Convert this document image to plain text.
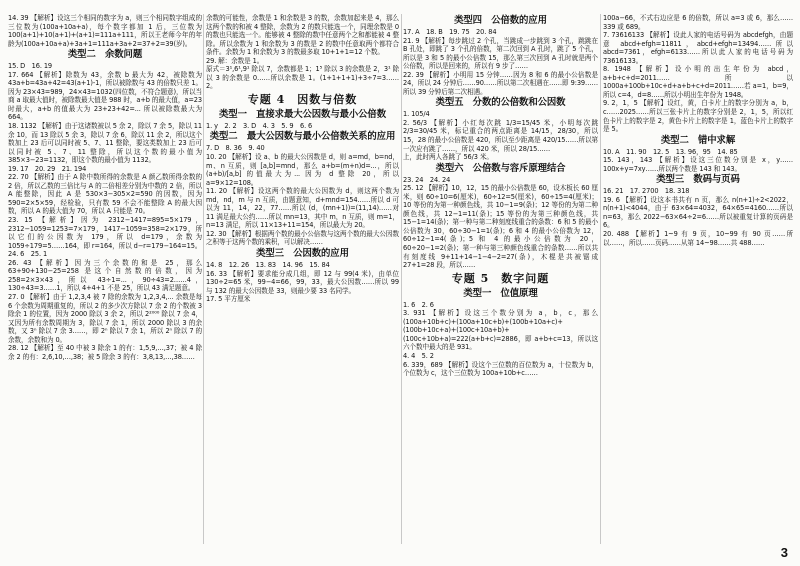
14. 39 【解析】设这三个相同的数字为 a，则三个相同数字组成的三位数为(100a+10a+a)，每个数字都加 1 后，三位数为 100(a+1)+10(a+1)+(a+1)=111a+111，所以王老师今年的年龄为(100a+10a+a)+3a+1=111a+3a+2=37+2=39(岁)。
类型二　余数问题
15. D　16. 19
17. 664 【解析】除数为 43，余数 b 最大为 42，被除数为 43a+b=43a+42=43(a+1)-1，所以被除数与 43 的倍数只差 1。因为 23×43=989，24×43=1032(四位数，不符合题意)，所以当商 a 取最大值时，被除数最大值是 988 时，a+b 的最大值，a=23 时最大，a+b 的值最大为 23+23+42=... 所以被除数最大为 664。
18. 1132 【解析】由于这诸数被以 5 余 2，除以 7 余 5，除以 11 余 10，而 13 除以 5 余 3，除以 7 余 6，除以 11 余 2，所以这个数加上 23 后可以同时被 5、7、11 整除，要这类数加上 23 后可以同时被 5、7、11 整除，所以这个数的最小值为 385×3−23=1132，即这个数的最小值为 1132。
19. 17　20. 29　21. 194
22. 70 【解析】由于 A 除中数所得的余数是 A 颜乙数所得余数的 2 倍，所以乙数的三倍比与 A 的二倍相差分别为中数的 2 倍，所以 A 能整除，因此 A 是 530×3−305×2=590 的因数，因为 590=2×5×59，经检验，只有数 59 不会不能整除 A 的最大因数，所以 A 的最大值为 70，所以 A 只能是 70。
23. 15 【解析】因为 2312−1417=895=5×179，2312−1059=1253=7×179，1417−1059=358=2×179，所以它们的公因数为 179，所以 d=179，余数为 1059÷179=5……164，即 r=164，所以 d−r=179−164=15。
24. 6　25. 1
26. 43 【解析】因为三个余数的和是 25，那么 63+90+130−25=258 是这个自然数的倍数，因为 258=2×3×43，所以 43÷1=...，90÷43=2……4，130÷43=3……1，所以 4+4+1 不是 25，所以 43 满足题意。
27. 0 【解析】由于 1,2,3,4 被 7 除的余数为 1,2,3,4,... 余数是每 6 个余数为周期重复的，所以 2 的多少次方除以 7 余 2 的个数被 3 除余 1 的位置，因为 2000 除以 3 余 2，所以 2²⁰⁰⁰ 除以 7 余 4，又因为所有余数周期为 3，除以 7 余 1，所以 2000 除以 3 的余数，又 3ⁿ 除以 7 余 3……，即 2ⁿ 除以 7 余 1，所以 2ⁿ 除以 7 的余数，余数和为 0。
28. 12 【解析】至 40 中被 3 除余 1 的有：1,5,9,…,37；被 4 除余 2 的有：2,6,10,…,38；被 5 除余 3 的有：3,8,13,…,38……
余数的可能性，余数是 1 和余数是 3 的数，余数加起来是 4，那么这两个数的和被 4 整除，余数为 2 的数只能选一个，同理余数是 0 的数也只能选一个。能够被 4 整除的数中任意两个之和都能被 4 整除。所以余数为 1 和余数为 3 的数是 2 的数中任意取两个都符合条件。余数为 1 和余数为 3 的数最多取 10+1+1=12 个数。
29. 解：余数是 1。
原式＝3¹,6¹,9¹ 除以 7，余数都是 1；1⁵ 除以 3 的余数是 2，3¹ 除以 3 的余数是 0……所以余数是 1。(1+1+1+1)+3÷7=3……2。
专题 4　因数与倍数
类型一　直接求最大公因数与最小公倍数
1. y　2. 2　3. D　4. 3　5. 9　6. 6
类型二　最大公因数与最小公倍数关系的应用
7. D　8. 36　9. 40
10. 20 【解析】设 a、b 的最大公因数是 d，则 a=md，b=nd，m、n 互质，则 [a,b]=mnd，那么 a+b=(m+n)d=...，所以 (a+b)/[a,b] 的值最大为... 因为 d 整除 20，所以 a=9×12=108。
11. 20 【解析】设这两个数的最大公因数为 d，则这两个数为 md，nd，m 与 n 互质，由题意知，d+mnd=154……所以 d 可以为 11，14，22，77……所以 (d，(mn+1))=(11,14)……对 11 满足最大公约……所以 mn=13，其中 m，n 互质，则 m=1，n=13 满足，所以 11×13+11=154，所以最大为 20。
12. 30 【解析】根据两个数的最小公倍数与这两个数的最大公因数之积等于这两个数的乘积，可以解决……
类型三　公因数的应用
14. 8　12. 26　13. 83　14. 96　15. 84
16. 33 【解析】要求能分成几组，即 12 与 99(4 米)，由单位 130÷2=65 米，99−4=66，99，33，最大公因数……所以 99 与 132 的最大公因数是 33，则最少要 33 名同学。
17. 5 平方厘米
类型四　公倍数的应用
17. A　18. B　19. 75　20. 84
21. 9 【解析】每步跳过 2 个孔，当跳成一步跳到 3 个孔，跳跳在 B 孔处，即跳了 3 个孔的倍数，第二次回到 A 孔时，跳了 5 个孔，所以是 3 和 5 的最小公倍数 15，那么第三次回到 A 孔时就是两个公倍数，所以是回来的，所以有 9 步了……
22. 39 【解析】小明用 15 分钟……因为 8 和 6 的最小公倍数是 24，所以 24 分钟后……90……所以第二次相遇在……即 9:39……所以 39 分钟后第二次相遇。
类型五　分数的公倍数和公因数
1. 105/4
2. 56/3 【解析】小红每次跳 1/3=15/45 米，小明每次跳 2/3=30/45 米，标记重合的两点距离是 14/15，28/30，所以 15，28 的最小公倍数是 420，所以至少距离是 420/15……所以第一次应有跳了……，所以 420 米，所以 28/15……
上，此时两人各跳了 56/3 米。
类型六　公倍数与容斥原理结合
23. 24　24. 24
25. 12 【解析】10，12，15 的最小公倍数是 60，设木板长 60 厘米，则 60÷10=6(厘米)，60÷12=5(厘米)，60÷15=4(厘米)；10 等份的为第一种颜色线，共 10−1=9(条)；12 等份的为第二种颜色线，共 12−1=11(条)；15 等份的为第三种颜色线，共 15−1=14(条)；第一种与第二种刻度线重合的条数：6 和 5 的最小公倍数为 30，60÷30−1=1(条)；6 和 4 的最小公倍数为 12，60÷12−1=4(条)；5 和 4 的最小公倍数为 20，60÷20−1=2(条)；第一种与第三种颜色线重合的条数……所以共有刻度线 9+11+14−1−4−2=27(条)，木棍是共被锯成 27+1=28 段，所以……
专题 5　数字问题
类型一　位值原理
1. 6　2. 6
3. 931 【解析】设这三个数分别为 a，b，c，那么 (100a+10b+c)+(100a+10c+b)+(100b+10a+c)+(100b+10c+a)+(100c+10a+b)+(100c+10b+a)=222(a+b+c)=2886，即 a+b+c=13，所以这六个数中最大的是 931。
4. 4　5. 2
6. 339，689 【解析】设这个三位数的百位数为 a，十位数为 b，个位数为 c，这个三位数为 100a+10b+c……
100a−66，不式右边应是 6 的倍数，所以 a=3 或 6，那么……339 或 689。
7. 73616133 【解析】设此人家的电话号码为 abcdefgh，由题意 abcd+efgh=11811，abcd+efgh=13494……所以 abcd=7361，efgh=6133……所以此人家的电话号码为 73616133。
8. 1948 【解析】设小明的出生年份为 abcd，a+b+c+d=2011……所以 1000a+100b+10c+d+a+b+c+d=2011……若 a=1，b=9，所以 c=4，d=8……所以小明出生年份为 1948。
9. 2，1，5 【解析】设红，黄，白卡片上的数字分别为 a，b，c……2025……所以三张卡片上的数字分别是 2，1，5，所以红色卡片上的数字是 2，黄色卡片上的数字是 1，蓝色卡片上的数字是 5。
类型二　错中求解
10. A　11. 90　12. 5　13. 96，95　14. 85
15. 143，143 【解析】设这三位数分别是 x，y……100x+y=7xy……所以两个数是 143 和 143。
类型三　数码与页码
16. 21　17. 2700　18. 318
19. 6 【解析】设这本书共有 n 页，那么 n(n+1)÷2<2022，n(n+1)<4044，由于 63×64=4032，64×65=4160……所以 n=63，那么 2022−63×64÷2=6……所以被重复计算的页码是 6。
20. 488 【解析】1~9 有 9 页，10~99 有 90 页……所以……，所以……页码……从第 14~98……共 488……
3
